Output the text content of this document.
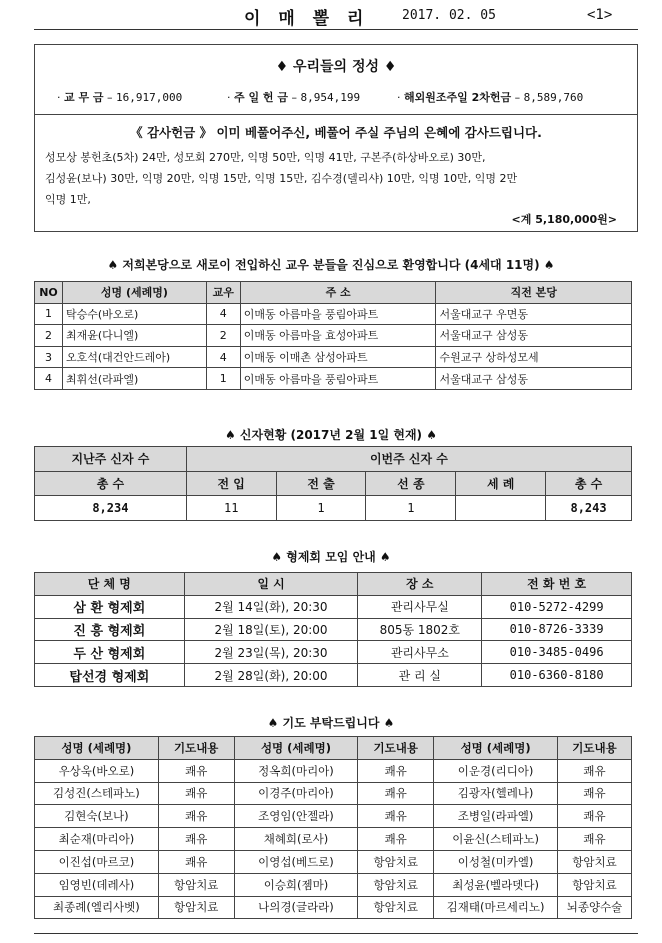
이 매 뽈 리	2017. 02. 05	<1>
♦ 우리들의 정성 ♦
· 교 무 금 – 16,917,000	· 주 일 헌 금 – 8,954,199	· 해외원조주일 2차헌금 – 8,589,760
《 감사헌금 》 이미 베풀어주신, 베풀어 주실 주님의 은혜에 감사드립니다.
성모상 봉헌초(5차) 24만, 성모회 270만, 익명 50만, 익명 41만, 구본주(하상바오로) 30만,
김성윤(보나) 30만, 익명 20만, 익명 15만, 익명 15만, 김수경(델리샤) 10만, 익명 10만, 익명 2만
익명 1만,
<계 5,180,000원>
♠ 저희본당으로 새로이 전입하신 교우 분들을 진심으로 환영합니다 (4세대 11명) ♠
NO	성명 (세례명)	교우	주 소	직전 본당
1	탁승수(바오로)	4	이매동 아름마을 풍림아파트	서울대교구 우면동
2	최재윤(다니엘)	2	이매동 아름마을 효성아파트	서울대교구 삼성동
3	오호석(대건안드레아)	4	이매동 이매촌 삼성아파트	수원교구 상하성모세
4	최휘선(라파엘)	1	이매동 아름마을 풍림아파트	서울대교구 삼성동
♠ 신자현황 (2017년 2월 1일 현재) ♠
지난주 신자 수	이번주 신자 수				
총 수	전 입	전 출	선 종	세 례	총 수
8,234	11	1	1		8,243
♠ 형제회 모임 안내 ♠
단 체 명	일 시	장 소	전 화 번 호
삼 환 형제회	2월 14일(화), 20:30	관리사무실	010-5272-4299
진 흥 형제회	2월 18일(토), 20:00	805동 1802호	010-8726-3339
두 산 형제회	2월 23일(목), 20:30	관리사무소	010-3485-0496
탑선경 형제회	2월 28일(화), 20:00	관 리 실	010-6360-8180
♠ 기도 부탁드립니다 ♠
성명 (세례명)	기도내용	성명 (세례명)	기도내용	성명 (세례명)	기도내용
우상욱(바오로)	쾌유	정옥희(마리아)	쾌유	이운경(리디아)	쾌유
김성진(스테파노)	쾌유	이경주(마리아)	쾌유	김광자(헬레나)	쾌유
김현숙(보나)	쾌유	조영임(안젤라)	쾌유	조병일(라파엘)	쾌유
최순재(마리아)	쾌유	채혜희(로사)	쾌유	이윤신(스테파노)	쾌유
이진섭(마르코)	쾌유	이영섭(베드로)	항암치료	이성철(미카엘)	항암치료
임영빈(데레사)	항암치료	이승희(젬마)	항암치료	최성윤(벨라뎃다)	항암치료
최종례(엘리사벳)	항암치료	나의경(글라라)	항암치료	김재태(마르세리노)	뇌종양수술
